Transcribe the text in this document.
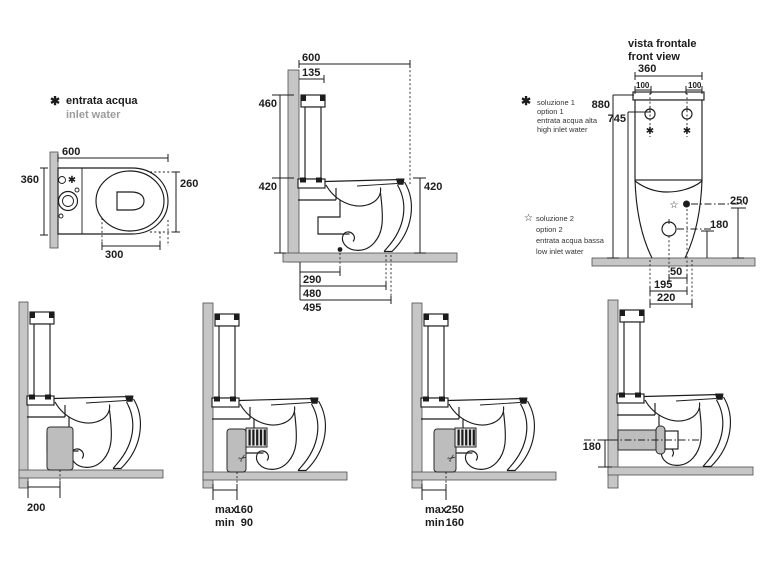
✱ entrata acqua
inlet water
✱
600
360	260
300
600
135
460
420	420
290
480
495
vista frontale
front view
✱	✱
☆
880
745
360
100	100
250
180
50
195
220
✱ soluzione 1
option 1
entrata acqua alta
high inlet water
☆ soluzione 2
option 2
entrata acqua bassa
low inlet water
200
✂
max
160
min 90
✂
max
250
min 160
180
